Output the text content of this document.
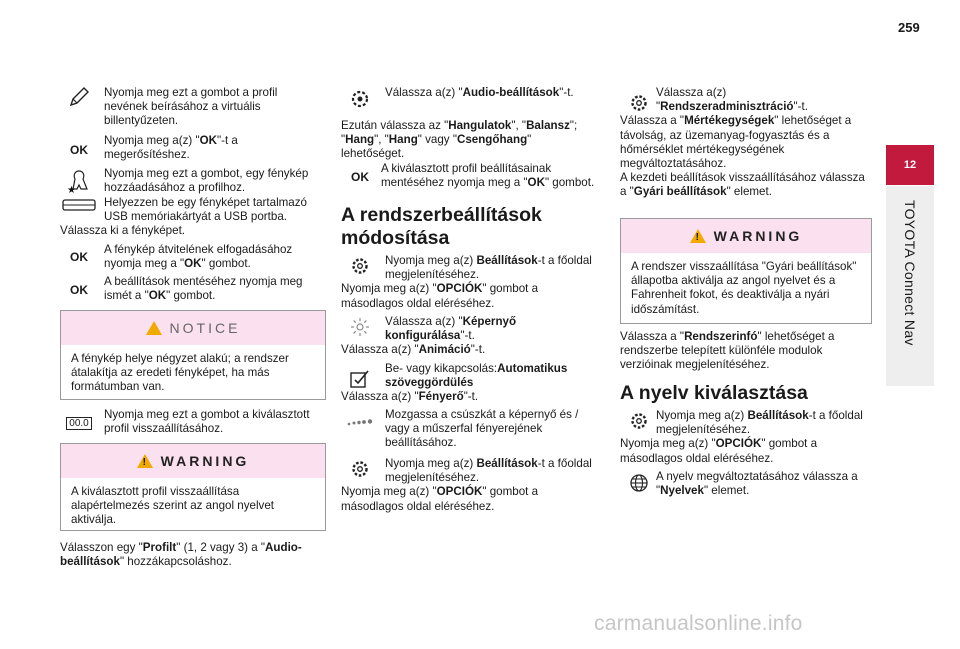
259
12
TOYOTA Connect Nav
Nyomja meg ezt a gombot a profil nevének beírásához a virtuális billentyűzeten.
OK
Nyomja meg a(z) "OK"-t a megerősítéshez.
★
Nyomja meg ezt a gombot, egy fénykép hozzáadásához a profilhoz.
Helyezzen be egy fényképet tartalmazó USB memóriakártyát a USB portba.
Válassza ki a fényképet.
OK
A fénykép átvitelének elfogadásához nyomja meg a "OK" gombot.
OK
A beállítások mentéséhez nyomja meg ismét a "OK" gombot.
NOTICE
A fénykép helye négyzet alakú; a rendszer átalakítja az eredeti fényképet, ha más formátumban van.
00.0
Nyomja meg ezt a gombot a kiválasztott profil visszaállításához.
! WARNING
A kiválasztott profil visszaállítása alapértelmezés szerint az angol nyelvet aktiválja.
Válasszon egy "Profilt" (1, 2 vagy 3) a "Audio-beállítások" hozzákapcsoláshoz.
Válassza a(z) "Audio-beállítások"-t.
Ezután válassza az "Hangulatok", "Balansz"; "Hang", "Hang" vagy "Csengőhang" lehetőséget.
OK
A kiválasztott profil beállításainak mentéséhez nyomja meg a "OK" gombot.
A rendszerbeállítások módosítása
Nyomja meg a(z) Beállítások-t a főoldal megjelenítéséhez.
Nyomja meg a(z) "OPCIÓK" gombot a másodlagos oldal eléréséhez.
Válassza a(z) "Képernyő konfigurálása"-t.
Válassza a(z) "Animáció"-t.
Be- vagy kikapcsolás:Automatikus szöveggördülés
Válassza a(z) "Fényerő"-t.
Mozgassa a csúszkát a képernyő és / vagy a műszerfal fényerejének beállításához.
Nyomja meg a(z) Beállítások-t a főoldal megjelenítéséhez.
Nyomja meg a(z) "OPCIÓK" gombot a másodlagos oldal eléréséhez.
Válassza a(z) "Rendszeradminisztráció"-t.
Válassza a "Mértékegységek" lehetőséget a távolság, az üzemanyag-fogyasztás és a hőmérséklet mértékegységének megváltoztatásához.
A kezdeti beállítások visszaállításához válassza a "Gyári beállítások" elemet.
! WARNING
A rendszer visszaállítása "Gyári beállítások" állapotba aktiválja az angol nyelvet és a Fahrenheit fokot, és deaktiválja a nyári időszámítást.
Válassza a "Rendszerinfó" lehetőséget a rendszerbe telepített különféle modulok verzióinak megjelenítéséhez.
A nyelv kiválasztása
Nyomja meg a(z) Beállítások-t a főoldal megjelenítéséhez.
Nyomja meg a(z) "OPCIÓK" gombot a másodlagos oldal eléréséhez.
A nyelv megváltoztatásához válassza a "Nyelvek" elemet.
carmanualsonline.info
